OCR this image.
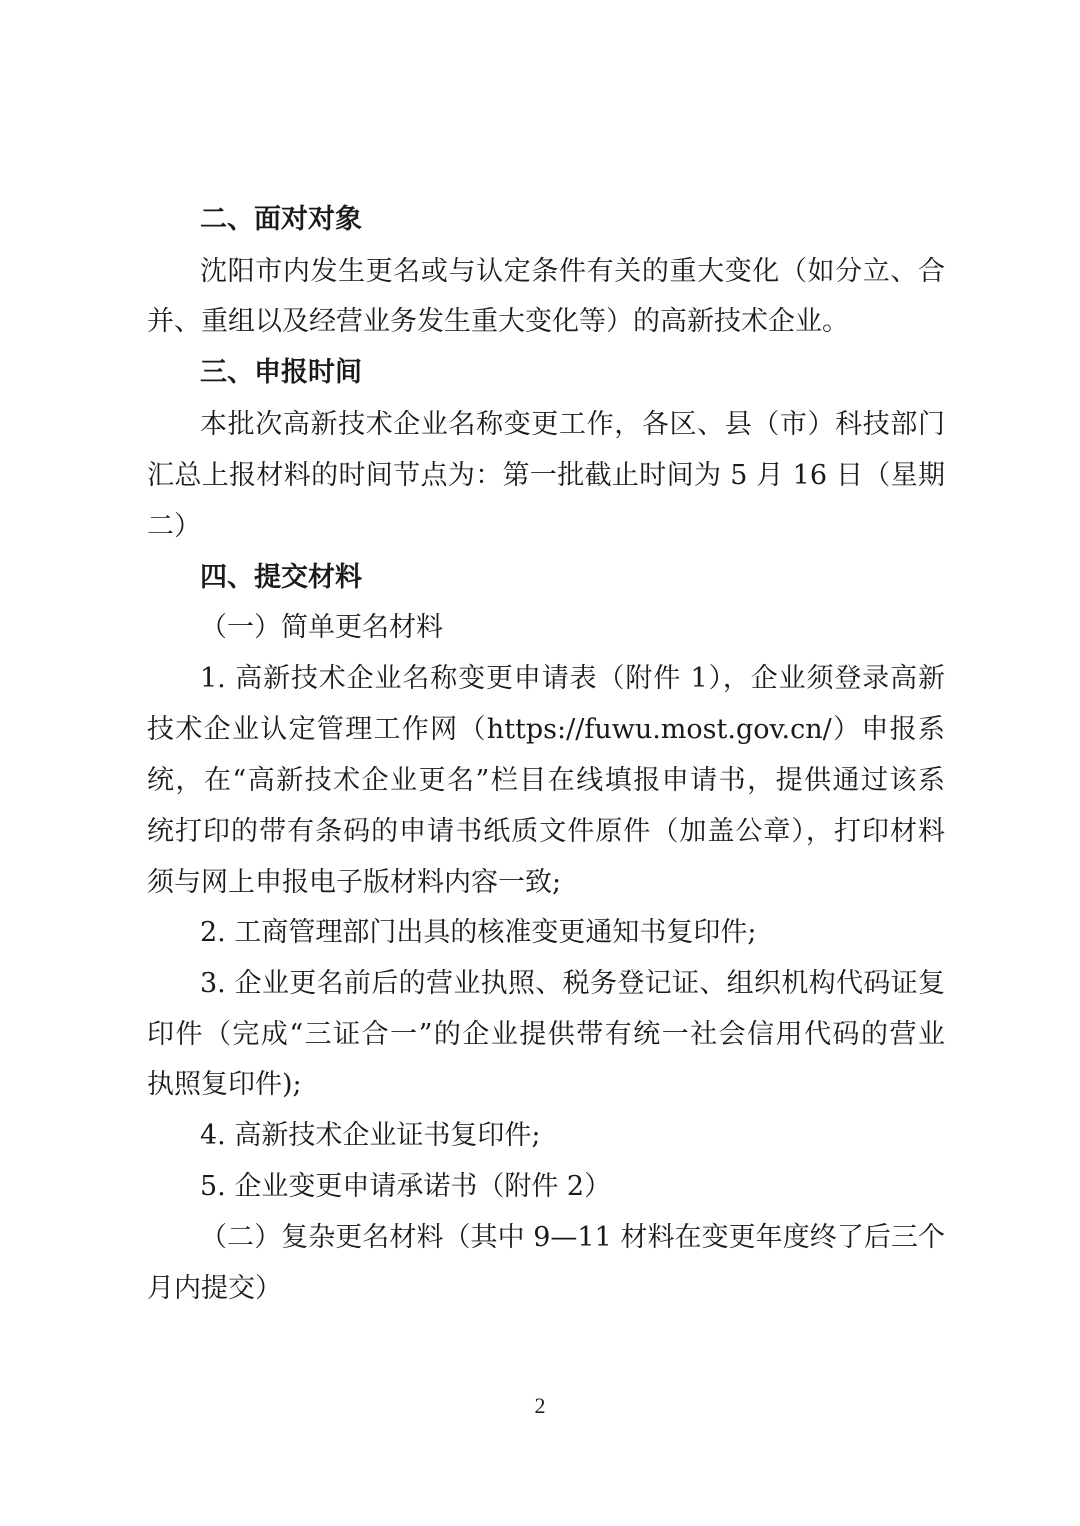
二、面对对象
沈阳市内发生更名或与认定条件有关的重大变化（如分立、合
并、重组以及经营业务发生重大变化等）的高新技术企业。
三、申报时间
本批次高新技术企业名称变更工作，各区、县（市）科技部门
汇总上报材料的时间节点为：第一批截止时间为 5 月 16 日（星期
二）
四、提交材料
（一）简单更名材料
1. 高新技术企业名称变更申请表（附件 1），企业须登录高新
技术企业认定管理工作网（https://fuwu.most.gov.cn/）申报系
统，在“高新技术企业更名”栏目在线填报申请书，提供通过该系
统打印的带有条码的申请书纸质文件原件（加盖公章），打印材料
须与网上申报电子版材料内容一致;
2. 工商管理部门出具的核准变更通知书复印件;
3. 企业更名前后的营业执照、税务登记证、组织机构代码证复
印件（完成“三证合一”的企业提供带有统一社会信用代码的营业
执照复印件);
4. 高新技术企业证书复印件;
5. 企业变更申请承诺书（附件 2）
（二）复杂更名材料（其中 9—11 材料在变更年度终了后三个
月内提交）
2
